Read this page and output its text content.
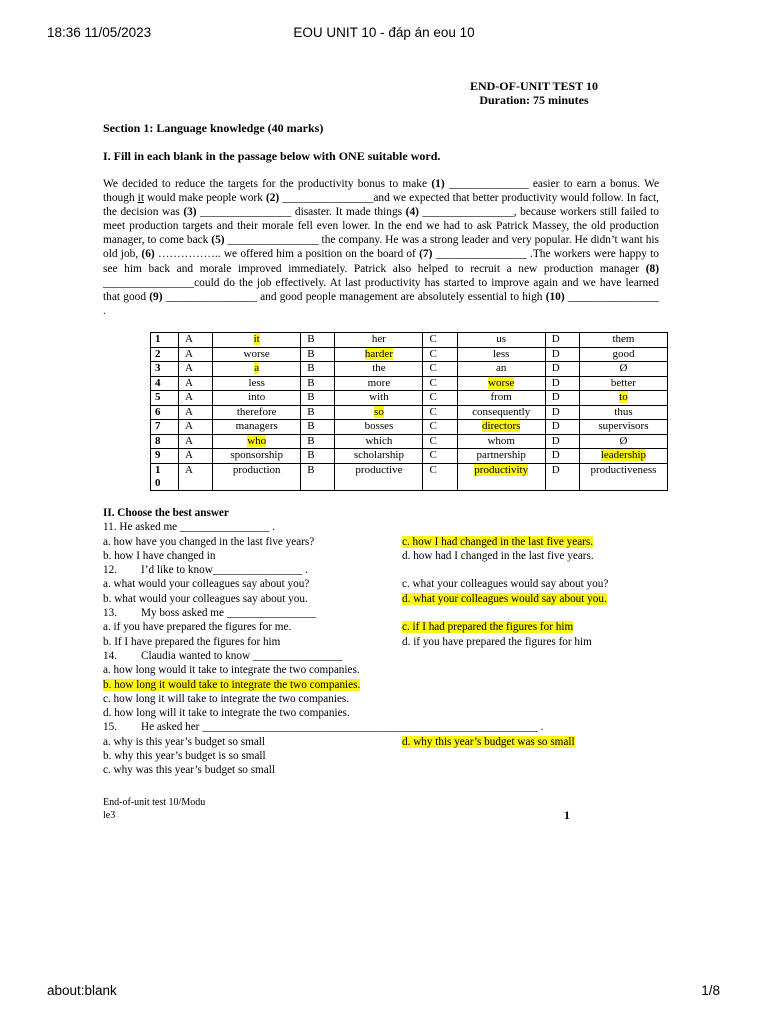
18:36 11/05/2023	EOU UNIT 10 - đáp án eou 10
about:blank	1/8
END-OF-UNIT TEST 10
Duration: 75 minutes
Section 1: Language knowledge (40 marks)
I. Fill in each blank in the passage below with ONE suitable word.
We decided to reduce the targets for the productivity bonus to make (1) ______________ easier to earn a bonus. We though it would make people work (2) ________________and we expected that better productivity would follow. In fact, the decision was (3) ________________ disaster. It made things (4) ________________, because workers still failed to meet production targets and their morale fell even lower. In the end we had to ask Patrick Massey, the old production manager, to come back (5) ________________ the company. He was a strong leader and very popular. He didn’t want his old job, (6) …………….. we offered him a position on the board of (7) ________________ .The workers were happy to see him back and morale improved immediately. Patrick also helped to recruit a new production manager (8) ________________could do the job effectively. At last productivity has started to improve again and we have learned that good (9) ________________ and good people management are absolutely essential to high (10) ________________ .
1	A	it	B	her	C	us	D	them
2	A	worse	B	harder	C	less	D	good
3	A	a	B	the	C	an	D	Ø
4	A	less	B	more	C	worse	D	better
5	A	into	B	with	C	from	D	to
6	A	therefore	B	so	C	consequently	D	thus
7	A	managers	B	bosses	C	directors	D	supervisors
8	A	who	B	which	C	whom	D	Ø
9	A	sponsorship	B	scholarship	C	partnership	D	leadership
1
0	A	production	B	productive	C	productivity	D	productiveness
II. Choose the best answer
11. He asked me ________________ .
a. how have you changed in the last five years?	c. how I had changed in the last five years.
b. how I have changed in	d. how had I changed in the last five years.
12. I’d like to know________________ .
a. what would your colleagues say about you?	c. what your colleagues would say about you?
b. what would your colleagues say about you.	d. what your colleagues would say about you.
13. My boss asked me ________________
a. if you have prepared the figures for me.	c. if I had prepared the figures for him
b. If I have prepared the figures for him	d. if you have prepared the figures for him
14. Claudia wanted to know ________________
a. how long would it take to integrate the two companies.
b. how long it would take to integrate the two companies.
c. how long it will take to integrate the two companies.
d. how long will it take to integrate the two companies.
15. He asked her ____________________________________________________________ .
a. why is this year’s budget so small	d. why this year’s budget was so small
b. why this year’s budget is so small
c. why was this year’s budget so small
End-of-unit test 10/Modu
le3	1
